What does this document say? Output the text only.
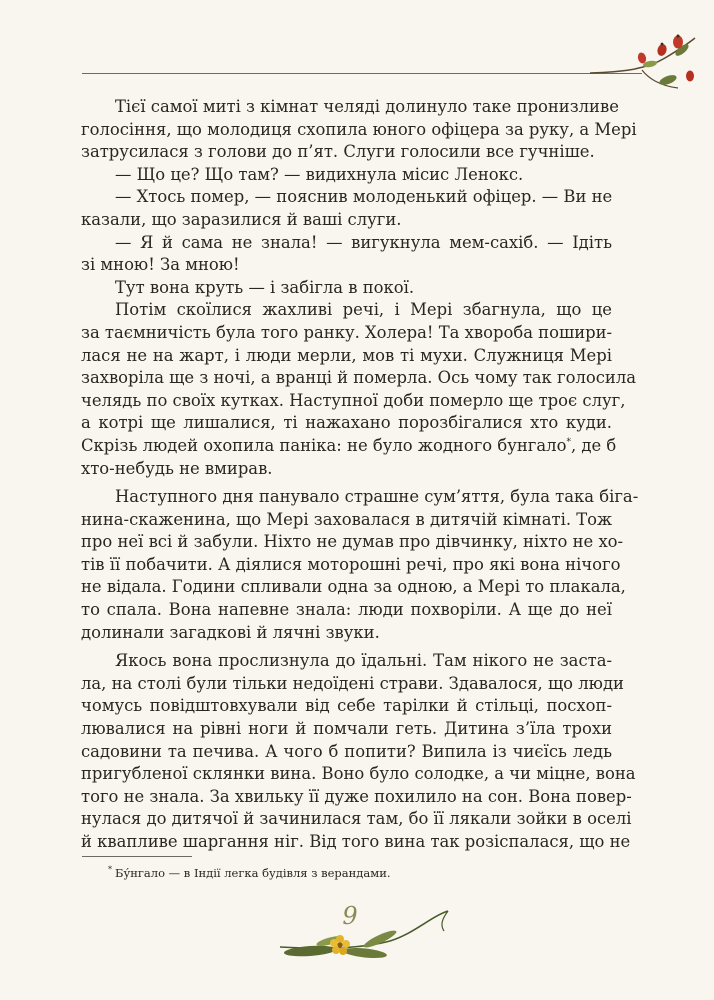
Тієї самої миті з кімнат челяді долинуло таке пронизливе
голосіння, що молодиця схопила юного офіцера за руку, а Мері
затрусилася з голови до п’ят. Слуги голосили все гучніше.
— Що це? Що там? — видихнула місис Ленокс.
— Хтось помер, — пояснив молоденький офіцер. — Ви не
казали, що заразилися й ваші слуги.
— Я й сама не знала! — вигукнула мем-сахіб. — Ідіть
зі мною! За мною!
Тут вона круть — і забігла в покої.
Потім скоїлися жахливі речі, і Мері збагнула, що це
за таємничість була того ранку. Холера! Та хвороба пошири-
лася не на жарт, і люди мерли, мов ті мухи. Служниця Мері
захворіла ще з ночі, а вранці й померла. Ось чому так голосила
челядь по своїх кутках. Наступної доби померло ще троє слуг,
а котрі ще лишалися, ті нажахано порозбігалися хто куди.
Скрізь людей охопила паніка: не було жодного бунгало*, де б
хто-небудь не вмирав.
Наступного дня панувало страшне сум’яття, була така біга-
нина-скаженина, що Мері заховалася в дитячій кімнаті. Тож
про неї всі й забули. Ніхто не думав про дівчинку, ніхто не хо-
тів її побачити. А діялися моторошні речі, про які вона нічого
не відала. Години спливали одна за одною, а Мері то плакала,
то спала. Вона напевне знала: люди похворіли. А ще до неї
долинали загадкові й лячні звуки.
Якось вона прослизнула до їдальні. Там нікого не заста-
ла, на столі були тільки недоїдені страви. Здавалося, що люди
чомусь повідштовхували від себе тарілки й стільці, посхоп-
лювалися на рівні ноги й помчали геть. Дитина з’їла трохи
садовини та печива. А чого б попити? Випила із чиєїсь ледь
пригубленої склянки вина. Воно було солодке, а чи міцне, вона
того не знала. За хвильку її дуже похилило на сон. Вона повер-
нулася до дитячої й зачинилася там, бо її лякали зойки в оселі
й квапливе шаргання ніг. Від того вина так розіспалася, що не
* Бу́нгало — в Індії легка будівля з верандами.
9
